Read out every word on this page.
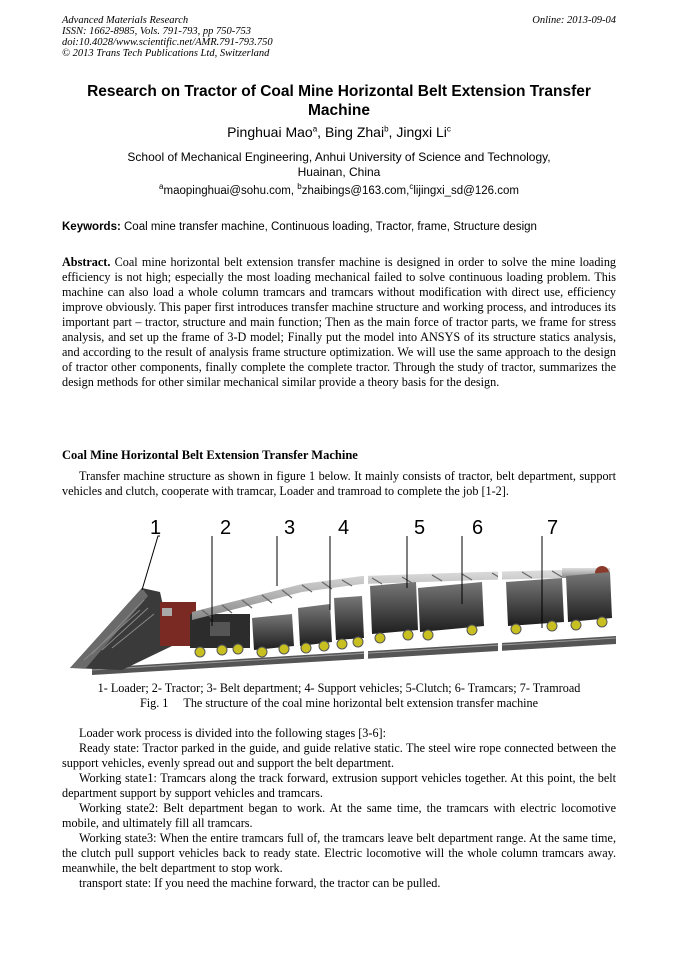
Advanced Materials Research
ISSN: 1662-8985, Vols. 791-793, pp 750-753
doi:10.4028/www.scientific.net/AMR.791-793.750
© 2013 Trans Tech Publications Ltd, Switzerland
Online: 2013-09-04
Research on Tractor of Coal Mine Horizontal Belt Extension Transfer Machine
Pinghuai Mao$^a$, Bing Zhai$^b$, Jingxi Li$^c$
School of Mechanical Engineering, Anhui University of Science and Technology,
Huainan, China
$^a$maopinghuai@sohu.com, $^b$zhaibings@163.com,$^c$lijingxi_sd@126.com
Keywords: Coal mine transfer machine, Continuous loading, Tractor, frame, Structure design
Abstract. Coal mine horizontal belt extension transfer machine is designed in order to solve the mine loading efficiency is not high; especially the most loading mechanical failed to solve continuous loading problem. This machine can also load a whole column tramcars and tramcars without modification with direct use, efficiency improve obviously. This paper first introduces transfer machine structure and working process, and introduces its important part – tractor, structure and main function; Then as the main force of tractor parts, we frame for stress analysis, and set up the frame of 3-D model; Finally put the model into ANSYS of its structure statics analysis, and according to the result of analysis frame structure optimization. We will use the same approach to the design of tractor other components, finally complete the complete tractor. Through the study of tractor, summarizes the design methods for other similar mechanical similar provide a theory basis for the design.
Coal Mine Horizontal Belt Extension Transfer Machine
Transfer machine structure as shown in figure 1 below. It mainly consists of tractor, belt department, support vehicles and clutch, cooperate with tramcar, Loader and tramroad to complete the job [1-2].
1	2	3 4	5 6	7
1- Loader; 2- Tractor; 3- Belt department; 4- Support vehicles; 5-Clutch; 6- Tramcars; 7- Tramroad
Fig. 1     The structure of the coal mine horizontal belt extension transfer machine

Loader work process is divided into the following stages [3-6]:

Ready state: Tractor parked in the guide, and guide relative static. The steel wire rope connected between the support vehicles, evenly spread out and support the belt department.

Working state1: Tramcars along the track forward, extrusion support vehicles together. At this point, the belt department support by support vehicles and tramcars.

Working state2: Belt department began to work. At the same time, the tramcars with electric locomotive mobile, and ultimately fill all tramcars.

Working state3: When the entire tramcars full of, the tramcars leave belt department range. At the same time, the clutch pull support vehicles back to ready state. Electric locomotive will the whole column tramcars away. meanwhile, the belt department to stop work.

transport state: If you need the machine forward, the tractor can be pulled.
